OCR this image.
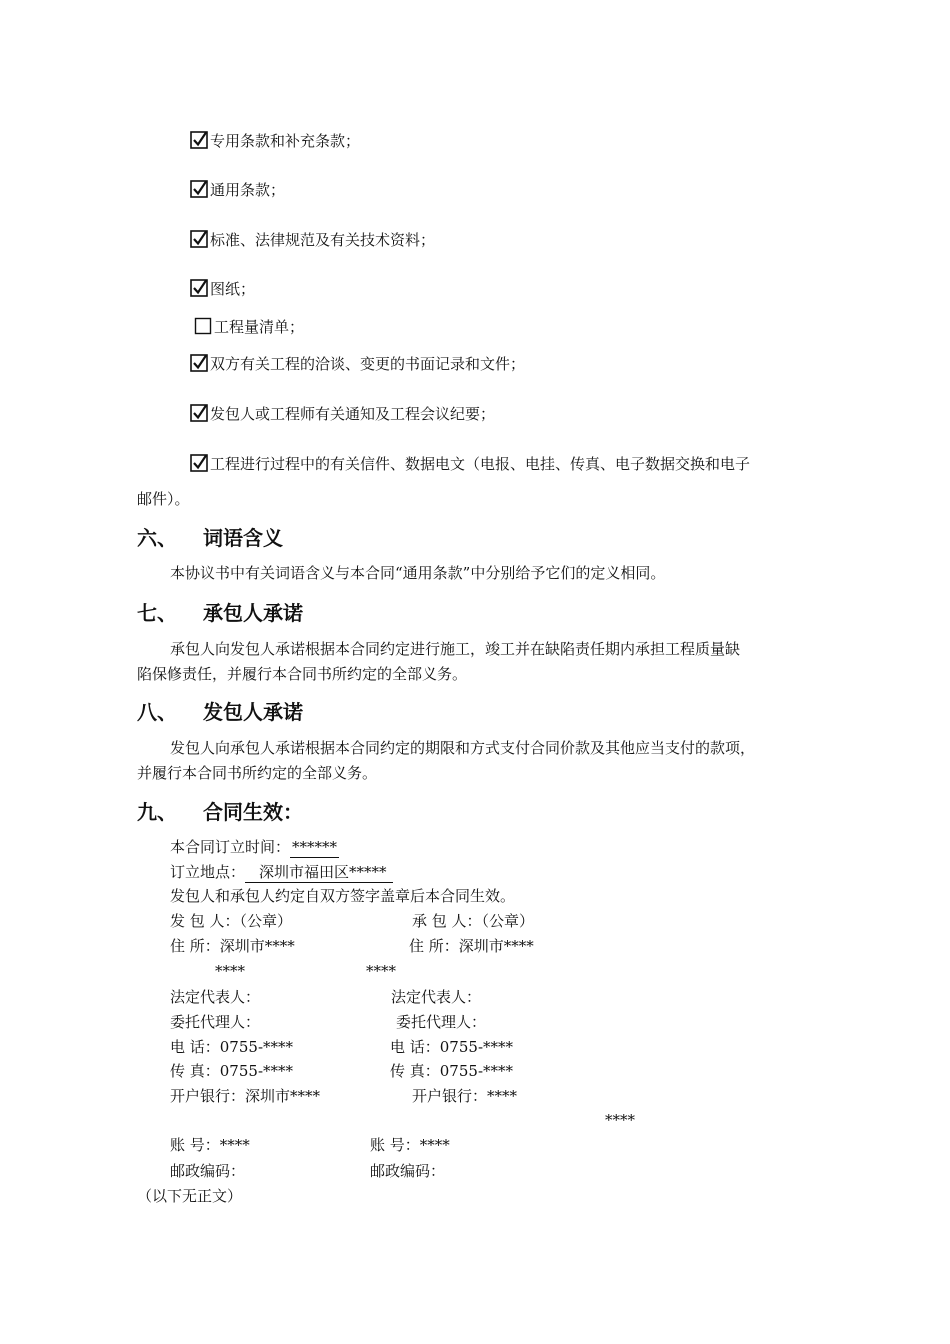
专用条款和补充条款；
通用条款；
标准、法律规范及有关技术资料；
图纸；
工程量清单；
双方有关工程的洽谈、变更的书面记录和文件；
发包人或工程师有关通知及工程会议纪要；
工程进行过程中的有关信件、数据电文（电报、电挂、传真、电子数据交换和电子
邮件）。
六、 词语含义
本协议书中有关词语含义与本合同“通用条款”中分别给予它们的定义相同。
七、 承包人承诺
承包人向发包人承诺根据本合同约定进行施工，竣工并在缺陷责任期内承担工程质量缺
陷保修责任，并履行本合同书所约定的全部义务。
八、 发包人承诺
发包人向承包人承诺根据本合同约定的期限和方式支付合同价款及其他应当支付的款项，
并履行本合同书所约定的全部义务。
九、 合同生效：
本合同订立时间： ******
订立地点： 深圳市福田区*****
发包人和承包人约定自双方签字盖章后本合同生效。
发 包 人：（公章）
住 所：深圳市****
****
法定代表人：
委托代理人：
电 话：0755-****
传 真：0755-****
开户银行：深圳市****
账 号：****
邮政编码：
承 包 人：（公章）
住 所：深圳市****
****
法定代表人：
委托代理人：
电 话：0755-****
传 真：0755-****
开户银行：****
****
账 号：****
邮政编码：
（以下无正文）
